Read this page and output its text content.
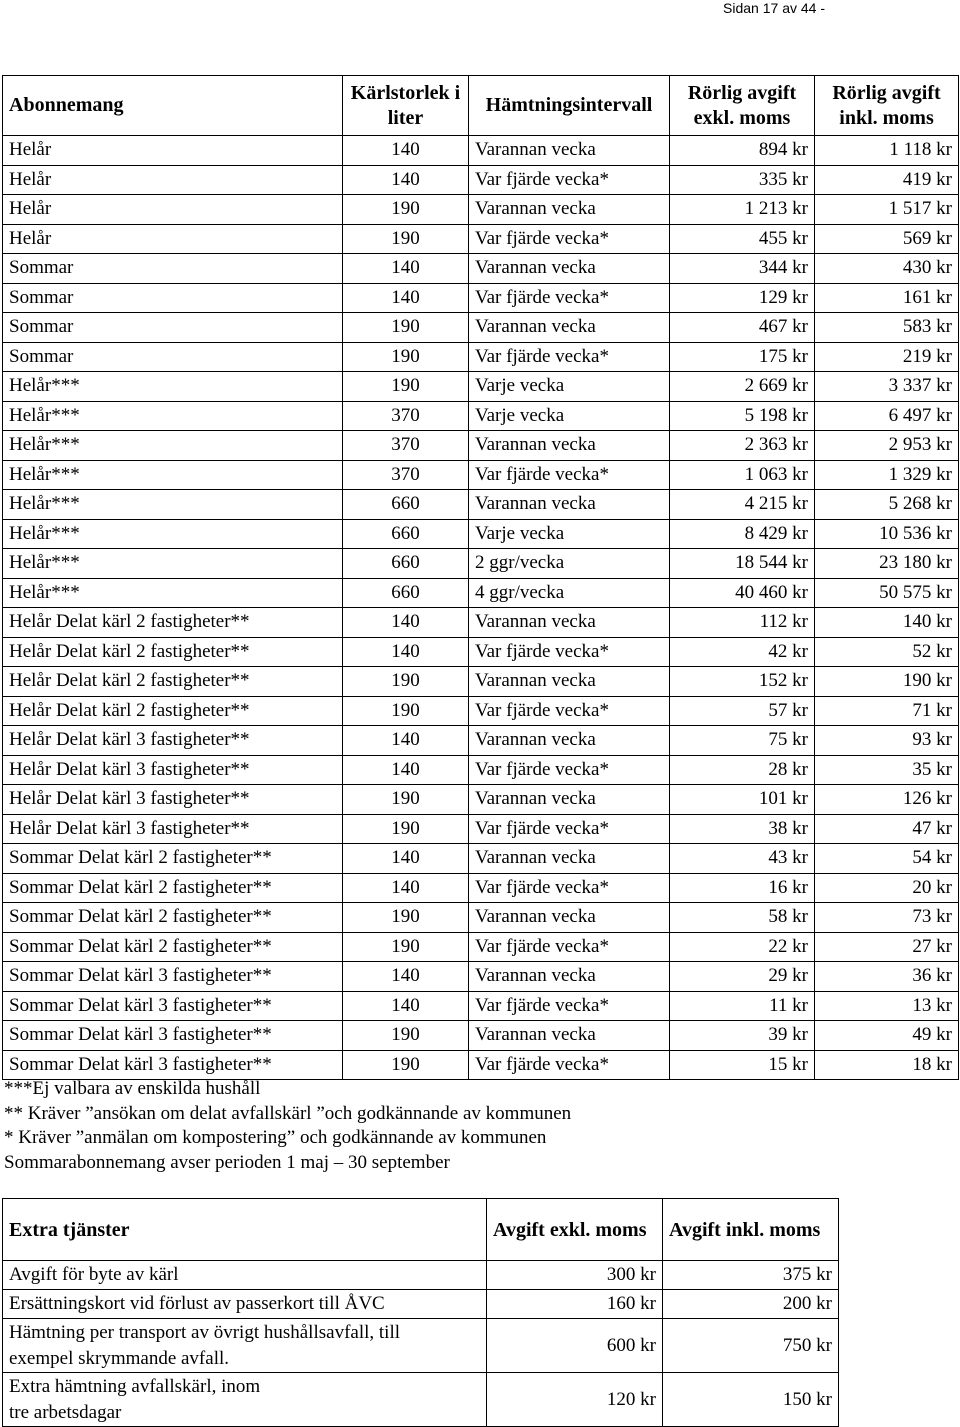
Sidan 17 av 44 -
Abonnemang	Kärlstorlek i liter	Hämtningsintervall	Rörlig avgift exkl. moms	Rörlig avgift inkl. moms
Helår	140	Varannan vecka	894 kr	1 118 kr
Helår	140	Var fjärde vecka*	335 kr	419 kr
Helår	190	Varannan vecka	1 213 kr	1 517 kr
Helår	190	Var fjärde vecka*	455 kr	569 kr
Sommar	140	Varannan vecka	344 kr	430 kr
Sommar	140	Var fjärde vecka*	129 kr	161 kr
Sommar	190	Varannan vecka	467 kr	583 kr
Sommar	190	Var fjärde vecka*	175 kr	219 kr
Helår***	190	Varje vecka	2 669 kr	3 337 kr
Helår***	370	Varje vecka	5 198 kr	6 497 kr
Helår***	370	Varannan vecka	2 363 kr	2 953 kr
Helår***	370	Var fjärde vecka*	1 063 kr	1 329 kr
Helår***	660	Varannan vecka	4 215 kr	5 268 kr
Helår***	660	Varje vecka	8 429 kr	10 536 kr
Helår***	660	2 ggr/vecka	18 544 kr	23 180 kr
Helår***	660	4 ggr/vecka	40 460 kr	50 575 kr
Helår Delat kärl 2 fastigheter**	140	Varannan vecka	112 kr	140 kr
Helår Delat kärl 2 fastigheter**	140	Var fjärde vecka*	42 kr	52 kr
Helår Delat kärl 2 fastigheter**	190	Varannan vecka	152 kr	190 kr
Helår Delat kärl 2 fastigheter**	190	Var fjärde vecka*	57 kr	71 kr
Helår Delat kärl 3 fastigheter**	140	Varannan vecka	75 kr	93 kr
Helår Delat kärl 3 fastigheter**	140	Var fjärde vecka*	28 kr	35 kr
Helår Delat kärl 3 fastigheter**	190	Varannan vecka	101 kr	126 kr
Helår Delat kärl 3 fastigheter**	190	Var fjärde vecka*	38 kr	47 kr
Sommar Delat kärl 2 fastigheter**	140	Varannan vecka	43 kr	54 kr
Sommar Delat kärl 2 fastigheter**	140	Var fjärde vecka*	16 kr	20 kr
Sommar Delat kärl 2 fastigheter**	190	Varannan vecka	58 kr	73 kr
Sommar Delat kärl 2 fastigheter**	190	Var fjärde vecka*	22 kr	27 kr
Sommar Delat kärl 3 fastigheter**	140	Varannan vecka	29 kr	36 kr
Sommar Delat kärl 3 fastigheter**	140	Var fjärde vecka*	11 kr	13 kr
Sommar Delat kärl 3 fastigheter**	190	Varannan vecka	39 kr	49 kr
Sommar Delat kärl 3 fastigheter**	190	Var fjärde vecka*	15 kr	18 kr
***Ej valbara av enskilda hushåll
** Kräver ”ansökan om delat avfallskärl ”och godkännande av kommunen
* Kräver ”anmälan om kompostering” och godkännande av kommunen
Sommarabonnemang avser perioden 1 maj – 30 september
Extra tjänster	Avgift exkl. moms	Avgift inkl. moms
Avgift för byte av kärl	300 kr	375 kr
Ersättningskort vid förlust av passerkort till ÅVC	160 kr	200 kr
Hämtning per transport av övrigt hushållsavfall, till exempel skrymmande avfall.	600 kr	750 kr
Extra hämtning avfallskärl, inom tre arbetsdagar	120 kr	150 kr
